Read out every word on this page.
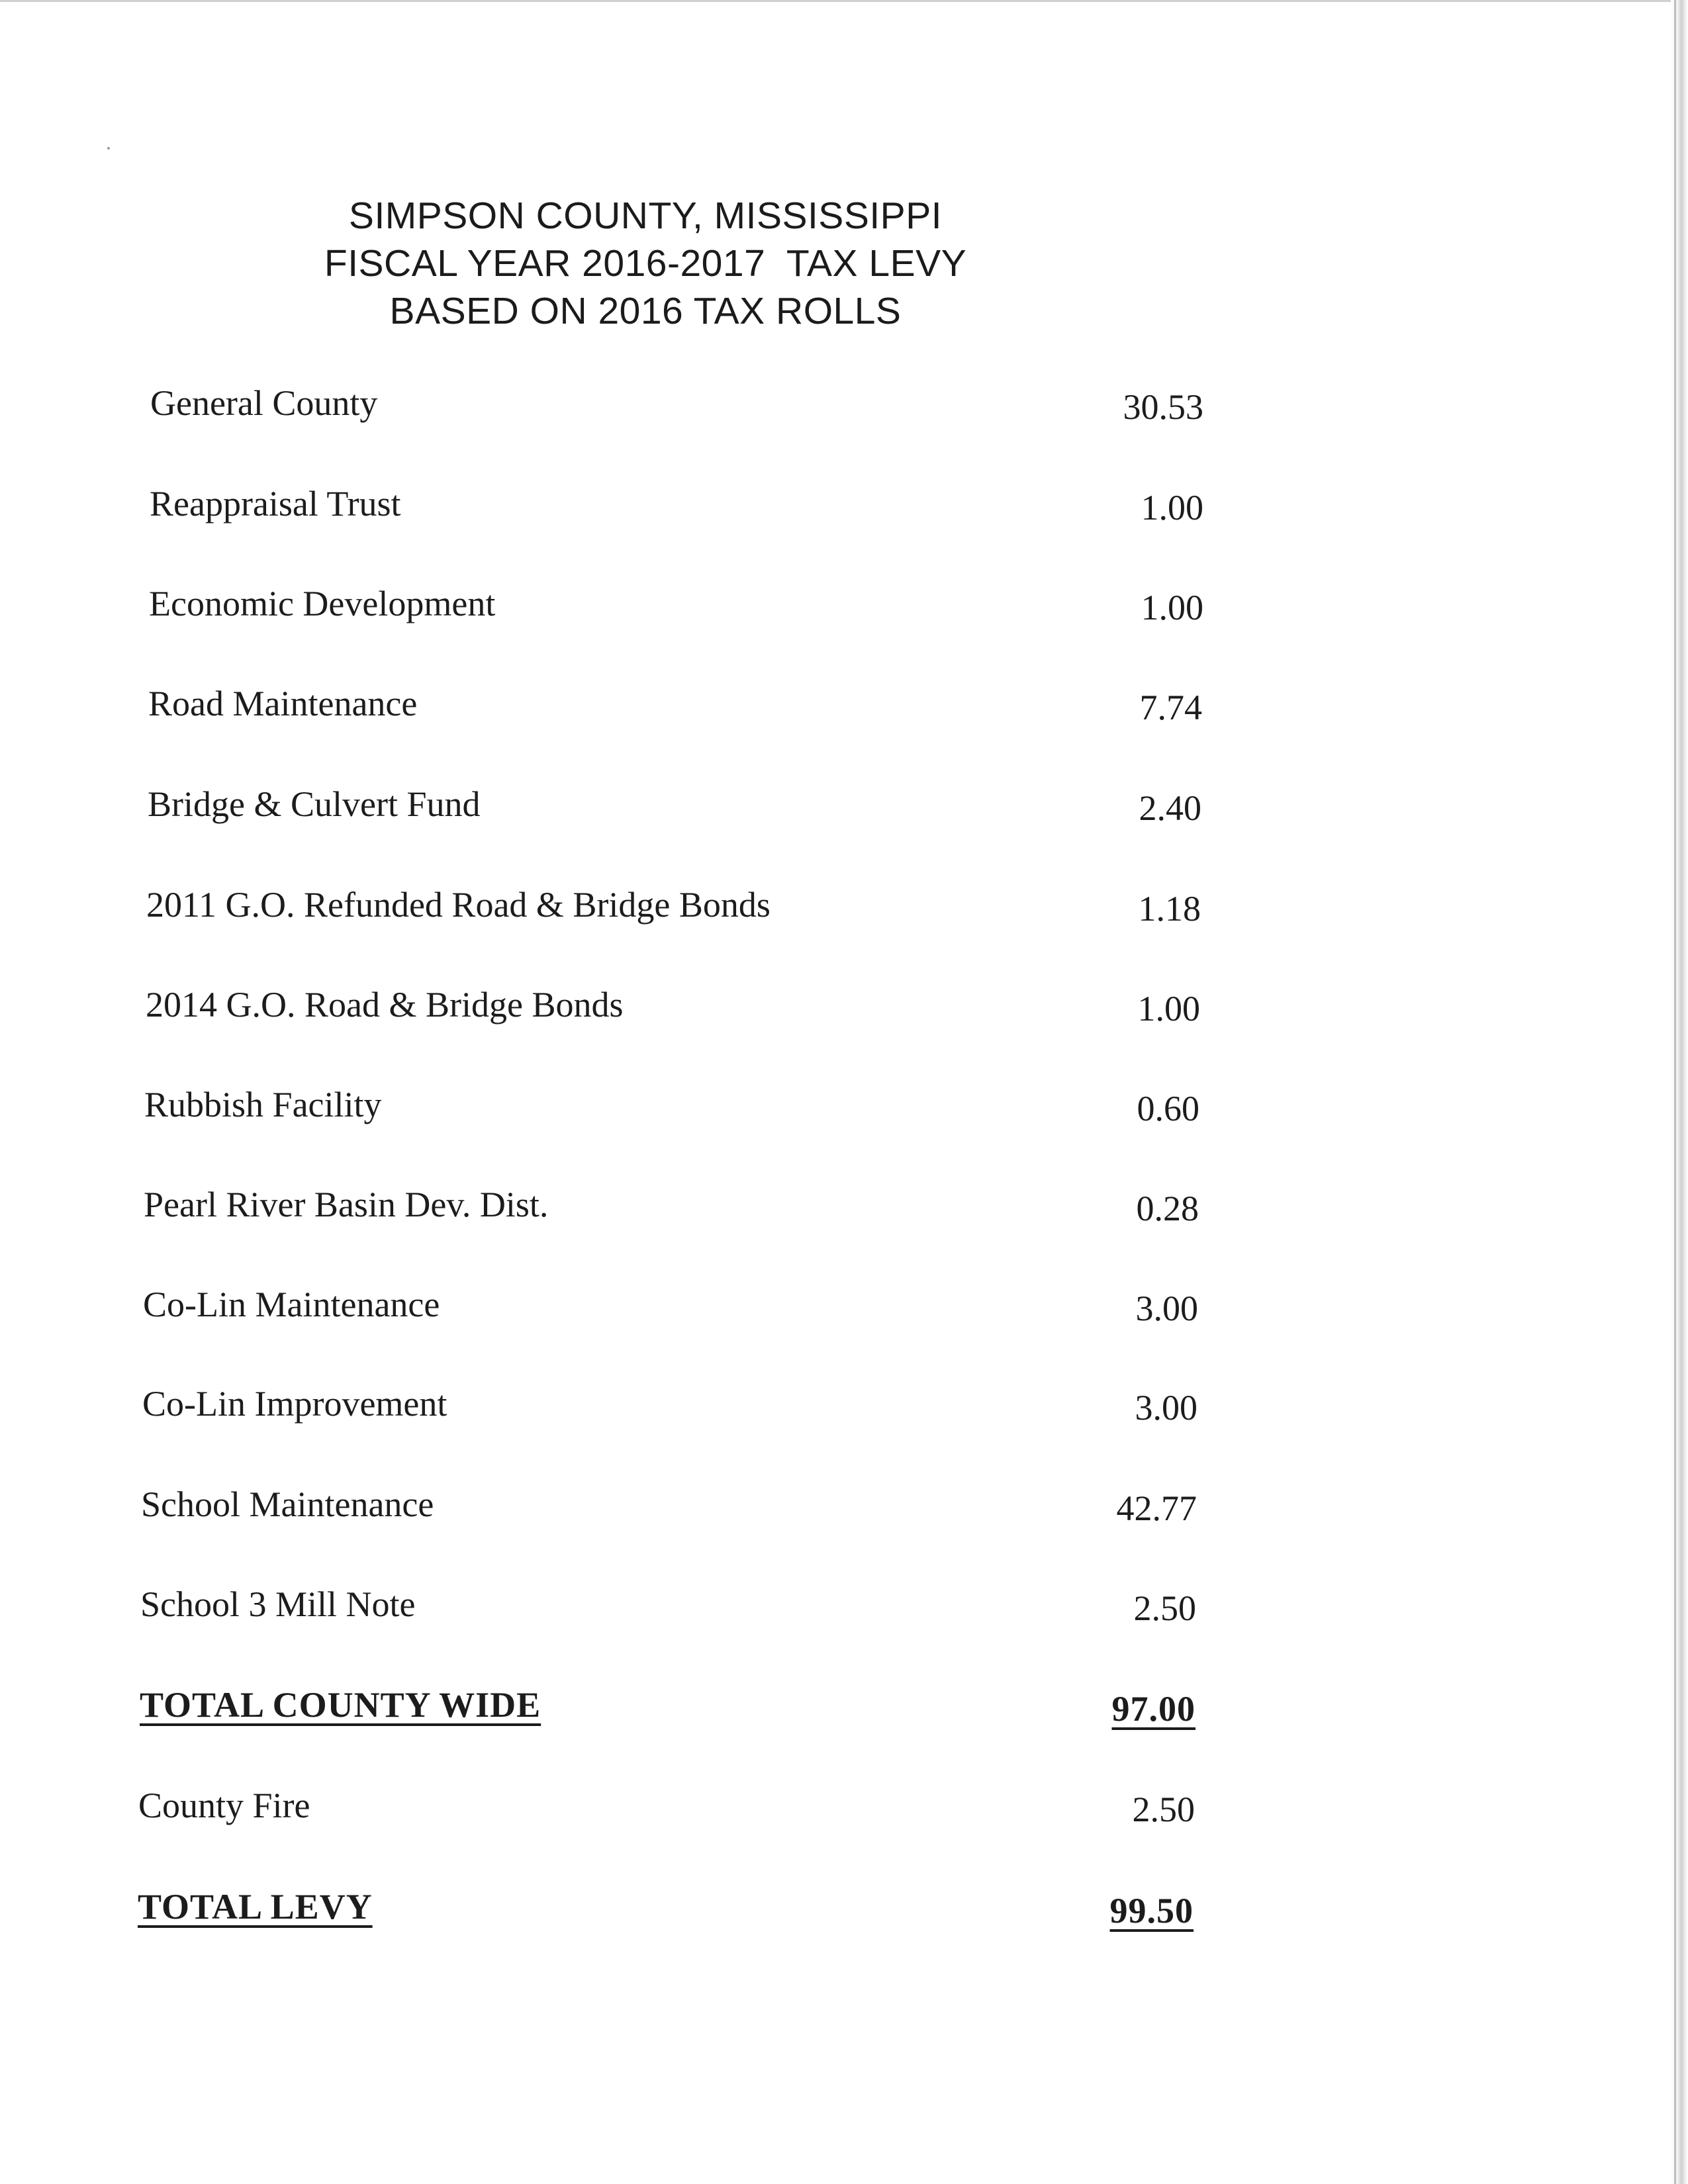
SIMPSON COUNTY, MISSISSIPPI
FISCAL YEAR 2016-2017  TAX LEVY
BASED ON 2016 TAX ROLLS
General County	30.53
Reappraisal Trust	1.00
Economic Development	1.00
Road Maintenance	7.74
Bridge & Culvert Fund	2.40
2011 G.O. Refunded Road & Bridge Bonds	1.18
2014 G.O. Road & Bridge Bonds	1.00
Rubbish Facility	0.60
Pearl River Basin Dev. Dist.	0.28
Co-Lin Maintenance	3.00
Co-Lin Improvement	3.00
School Maintenance	42.77
School 3 Mill Note	2.50
TOTAL COUNTY WIDE	97.00
County Fire	2.50
TOTAL LEVY	99.50
